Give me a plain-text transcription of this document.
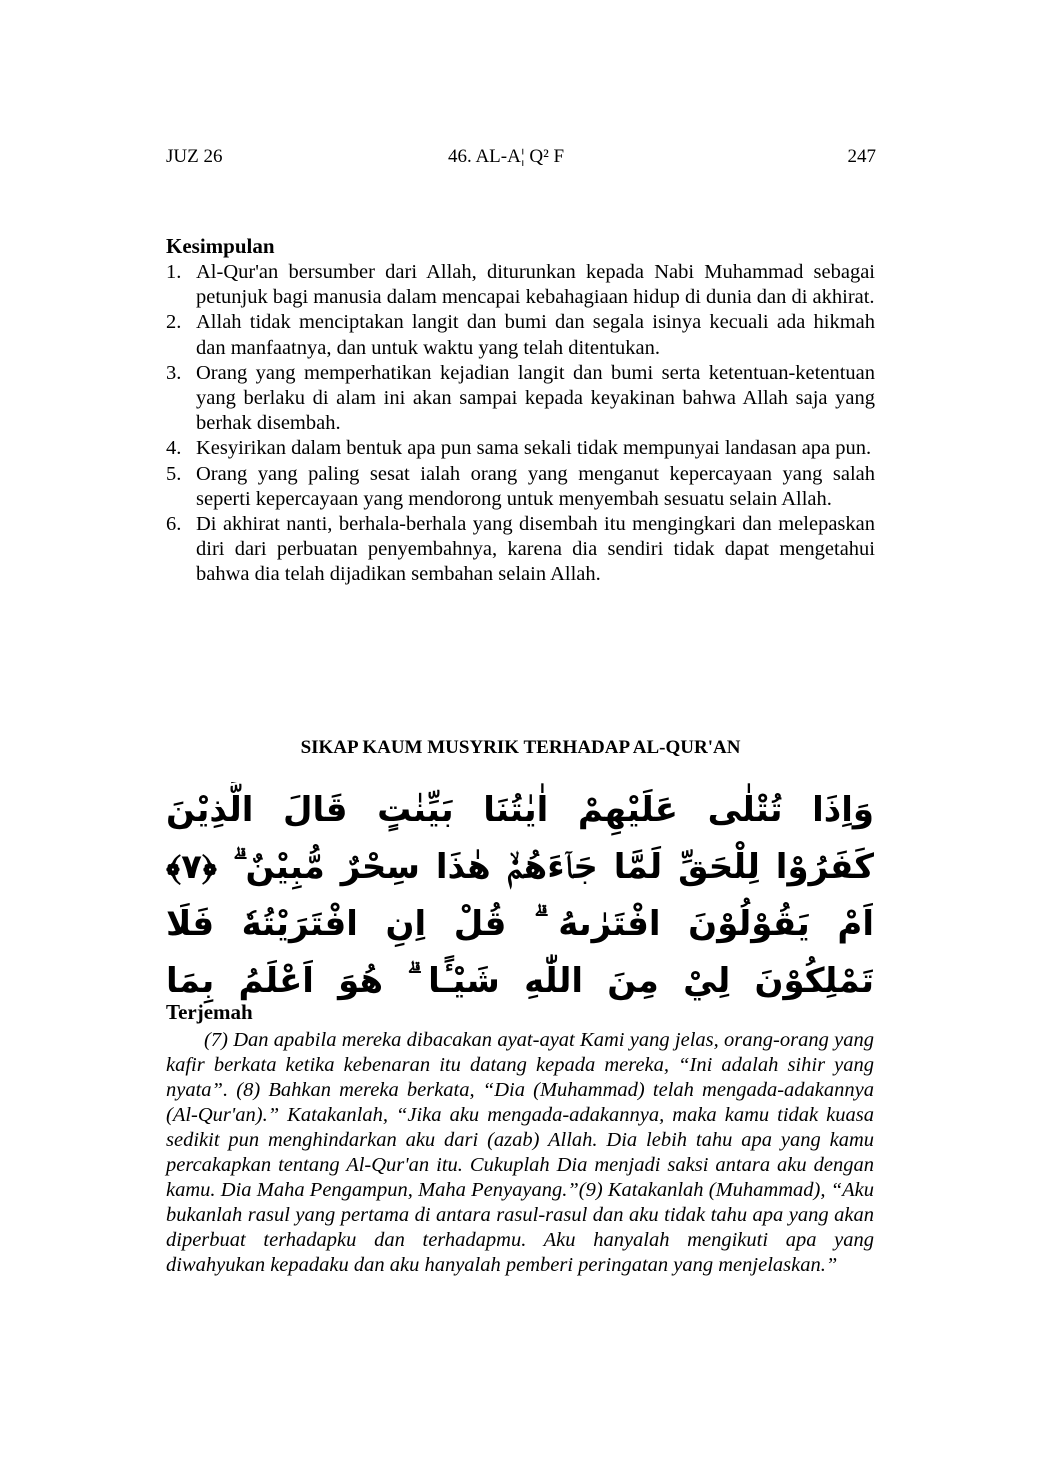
JUZ 26	46. AL-A¦ Q² F	247
Kesimpulan
1. Al-Qur'an bersumber dari Allah, diturunkan kepada Nabi Muhammad sebagai petunjuk bagi manusia dalam mencapai kebahagiaan hidup di dunia dan di akhirat.
2. Allah tidak menciptakan langit dan bumi dan segala isinya kecuali ada hikmah dan manfaatnya, dan untuk waktu yang telah ditentukan.
3. Orang yang memperhatikan kejadian langit dan bumi serta ketentuan-ketentuan yang berlaku di alam ini akan sampai kepada keyakinan bahwa Allah saja yang berhak disembah.
4. Kesyirikan dalam bentuk apa pun sama sekali tidak mempunyai landasan apa pun.
5. Orang yang paling sesat ialah orang yang menganut kepercayaan yang salah seperti kepercayaan yang mendorong untuk menyembah sesuatu selain Allah.
6. Di akhirat nanti, berhala-berhala yang disembah itu mengingkari dan melepaskan diri dari perbuatan penyembahnya, karena dia sendiri tidak dapat mengetahui bahwa dia telah dijadikan sembahan selain Allah.
SIKAP KAUM MUSYRIK TERHADAP AL-QUR'AN
وَاِذَا تُتْلٰى عَلَيْهِمْ اٰيٰتُنَا بَيِّنٰتٍ قَالَ الَّذِيْنَ كَفَرُوْا لِلْحَقِّ لَمَّا جَاۤءَهُمْۙ هٰذَا سِحْرٌ مُّبِيْنٌ ۗ ﴿٧﴾ اَمْ يَقُوْلُوْنَ افْتَرٰىهُ ۗ قُلْ اِنِ افْتَرَيْتُهٗ فَلَا تَمْلِكُوْنَ لِيْ مِنَ اللّٰهِ شَيْـًٔا ۗ هُوَ اَعْلَمُ بِمَا
Terjemah

(7) Dan apabila mereka dibacakan ayat-ayat Kami yang jelas, orang-orang yang kafir berkata ketika kebenaran itu datang kepada mereka, “Ini adalah sihir yang nyata”. (8) Bahkan mereka berkata, “Dia (Muhammad) telah mengada-adakannya (Al-Qur'an).” Katakanlah, “Jika aku mengada-adakannya, maka kamu tidak kuasa sedikit pun menghindarkan aku dari (azab) Allah. Dia lebih tahu apa yang kamu percakapkan tentang Al-Qur'an itu. Cukuplah Dia menjadi saksi antara aku dengan kamu. Dia Maha Pengampun, Maha Penyayang.”(9) Katakanlah (Muhammad), “Aku bukanlah rasul yang pertama di antara rasul-rasul dan aku tidak tahu apa yang akan diperbuat terhadapku dan terhadapmu. Aku hanyalah mengikuti apa yang diwahyukan kepadaku dan aku hanyalah pemberi peringatan yang menjelaskan.”
